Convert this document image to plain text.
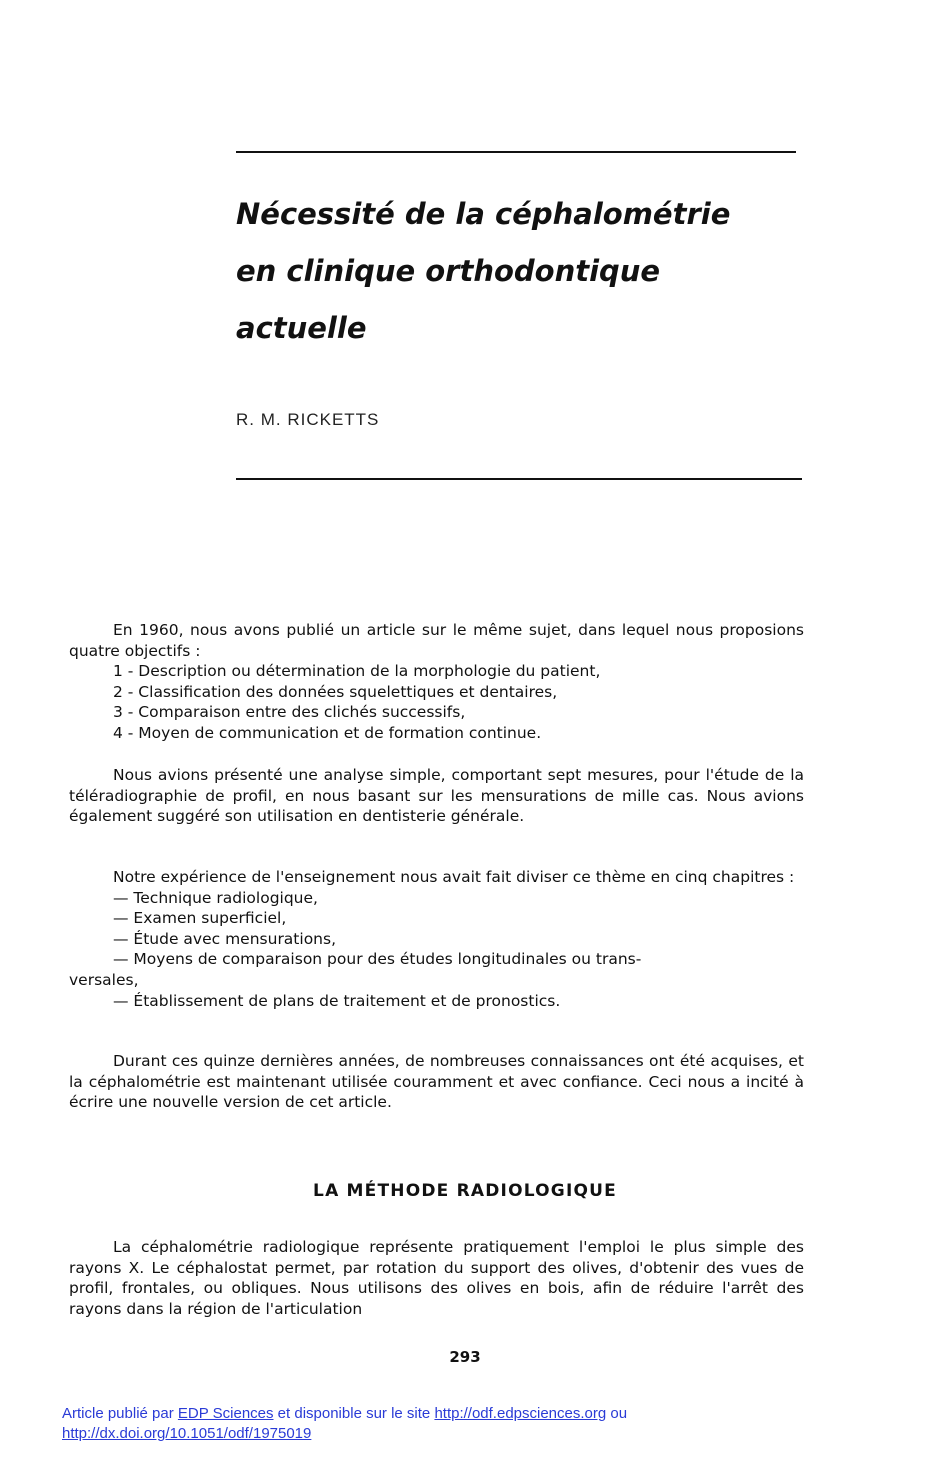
Nécessité de la céphalométrie
en clinique orthodontique
actuelle
R. M. RICKETTS

En 1960, nous avons publié un article sur le même sujet, dans lequel nous proposions quatre objectifs :

1 - Description ou détermination de la morphologie du patient,
2 - Classification des données squelettiques et dentaires,
3 - Comparaison entre des clichés successifs,
4 - Moyen de communication et de formation continue.

Nous avions présenté une analyse simple, comportant sept mesures, pour l'étude de la téléradiographie de profil, en nous basant sur les mensurations de mille cas. Nous avions également suggéré son utilisation en dentisterie générale.

Notre expérience de l'enseignement nous avait fait diviser ce thème en cinq chapitres :

— Technique radiologique,
— Examen superficiel,
— Étude avec mensurations,
— Moyens de comparaison pour des études longitudinales ou trans-
versales,
— Établissement de plans de traitement et de pronostics.

Durant ces quinze dernières années, de nombreuses connaissances ont été acquises, et la céphalométrie est maintenant utilisée couramment et avec confiance. Ceci nous a incité à écrire une nouvelle version de cet article.

LA MÉTHODE RADIOLOGIQUE

La céphalométrie radiologique représente pratiquement l'emploi le plus simple des rayons X. Le céphalostat permet, par rotation du support des olives, d'obtenir des vues de profil, frontales, ou obliques. Nous utilisons des olives en bois, afin de réduire l'arrêt des rayons dans la région de l'articulation

293
Article publié par EDP Sciences et disponible sur le site http://odf.edpsciences.org ou
http://dx.doi.org/10.1051/odf/1975019
